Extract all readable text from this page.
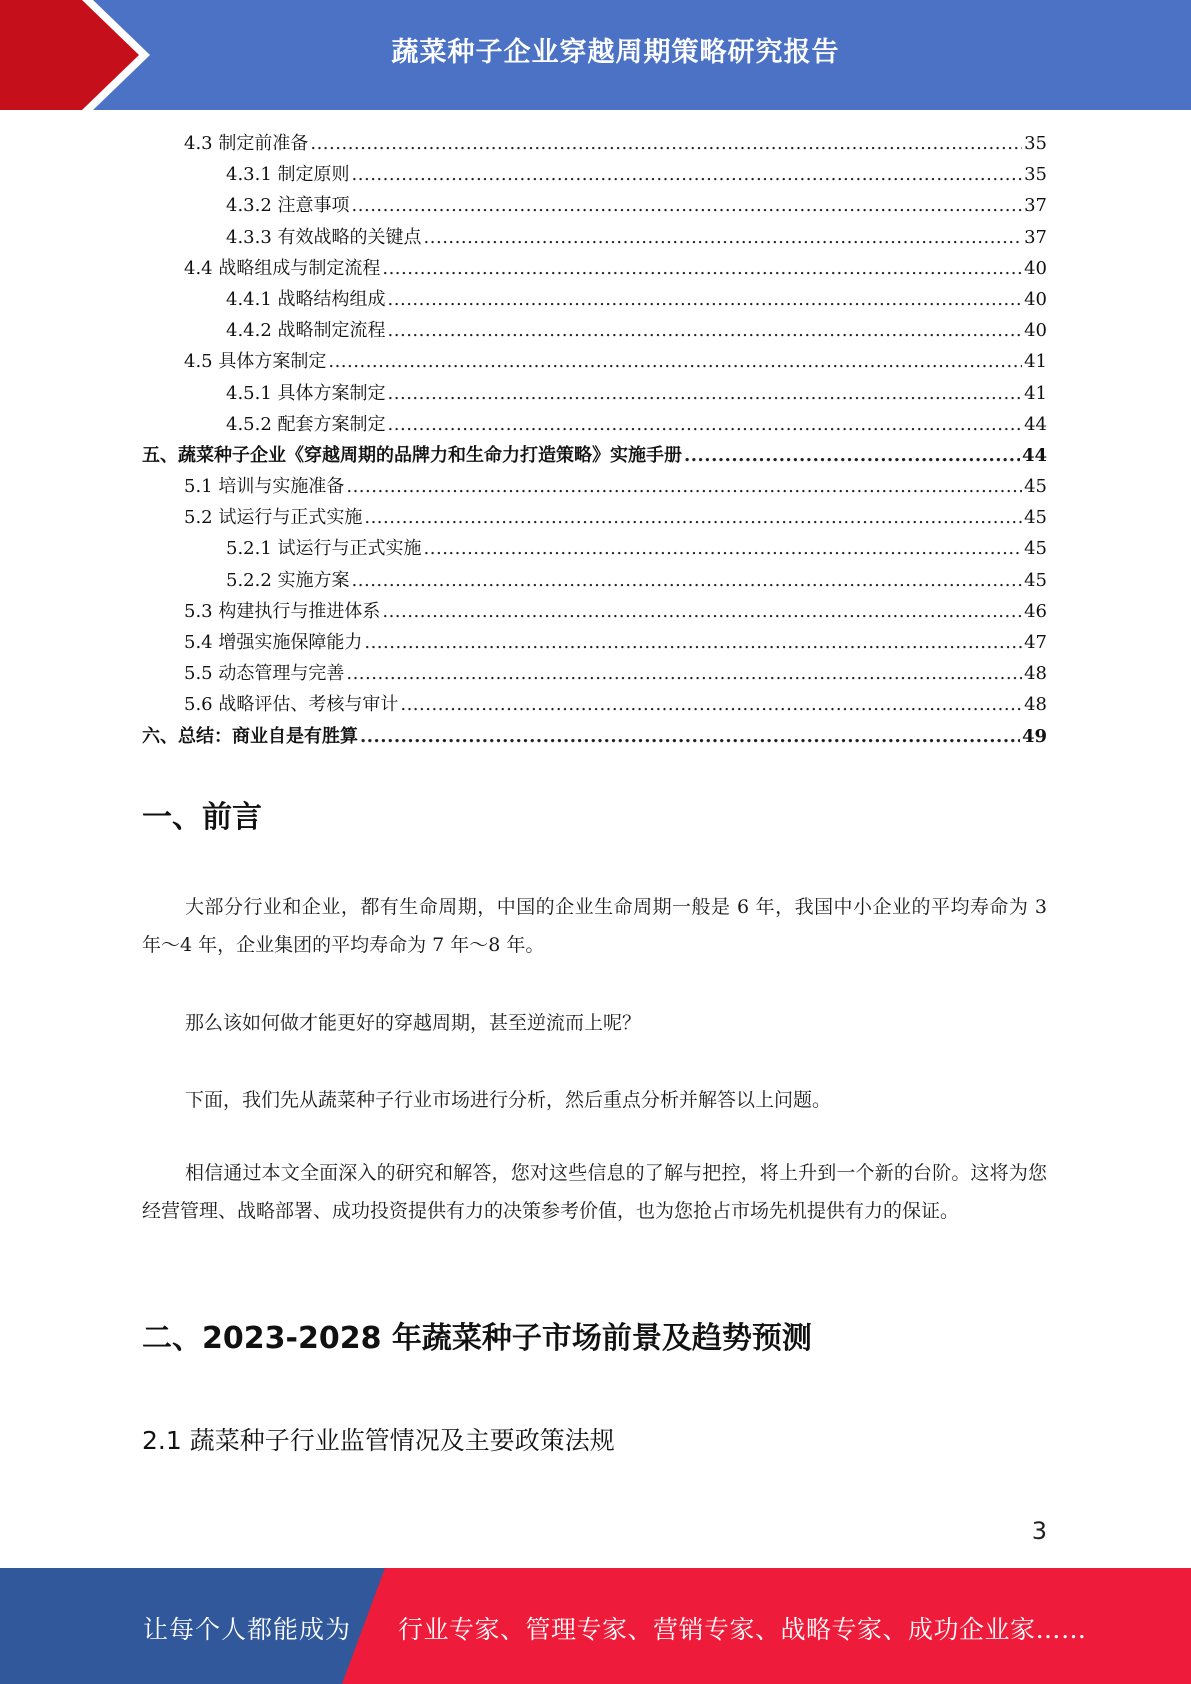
蔬菜种子企业穿越周期策略研究报告
4.3 制定前准备 .....	35
4.3.1 制定原则 .....	35
4.3.2 注意事项 .....	37
4.3.3 有效战略的关键点 .....	37
4.4 战略组成与制定流程 .....	40
4.4.1 战略结构组成 .....	40
4.4.2 战略制定流程 .....	40
4.5 具体方案制定 .....	41
4.5.1 具体方案制定 .....	41
4.5.2 配套方案制定 .....	44
五、蔬菜种子企业《穿越周期的品牌力和生命力打造策略》实施手册 .....	44
5.1 培训与实施准备 .....	45
5.2 试运行与正式实施 .....	45
5.2.1 试运行与正式实施 .....	45
5.2.2 实施方案 .....	45
5.3 构建执行与推进体系 .....	46
5.4 增强实施保障能力 .....	47
5.5 动态管理与完善 .....	48
5.6 战略评估、考核与审计 .....	48
六、总结：商业自是有胜算 .....	49
一、前言

大部分行业和企业，都有生命周期，中国的企业生命周期一般是 6 年，我国中小企业的平均寿命为 3 年～4 年，企业集团的平均寿命为 7 年～8 年。

那么该如何做才能更好的穿越周期，甚至逆流而上呢？

下面，我们先从蔬菜种子行业市场进行分析，然后重点分析并解答以上问题。

相信通过本文全面深入的研究和解答，您对这些信息的了解与把控，将上升到一个新的台阶。这将为您经营管理、战略部署、成功投资提供有力的决策参考价值，也为您抢占市场先机提供有力的保证。

二、2023-2028 年蔬菜种子市场前景及趋势预测
2.1 蔬菜种子行业监管情况及主要政策法规
3
让每个人都能成为 行业专家、管理专家、营销专家、战略专家、成功企业家……
